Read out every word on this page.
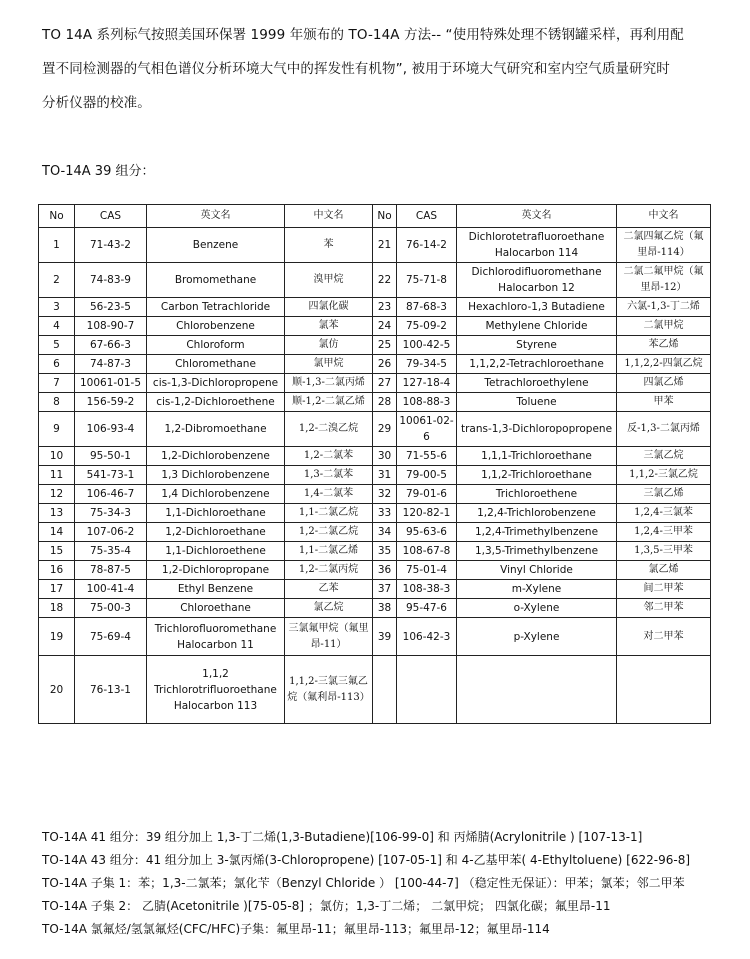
TO 14A 系列标气按照美国环保署 1999 年颁布的 TO-14A 方法-- “使用特殊处理不锈钢罐采样，再利用配

置不同检测器的气相色谱仪分析环境大气中的挥发性有机物”, 被用于环境大气研究和室内空气质量研究时

分析仪器的校准。

TO-14A 39 组分：
No	CAS	英文名	中文名	No	CAS	英文名	中文名
1	71-43-2	Benzene	苯	21	76-14-2	Dichlorotetrafluoroethane Halocarbon 114	二氯四氟乙烷（氟里昂-114）
2	74-83-9	Bromomethane	溴甲烷	22	75-71-8	Dichlorodifluoromethane Halocarbon 12	二氯二氟甲烷（氟里昂-12）
3	56-23-5	Carbon Tetrachloride	四氯化碳	23	87-68-3	Hexachloro-1,3 Butadiene	六氯-1,3-丁二烯
4	108-90-7	Chlorobenzene	氯苯	24	75-09-2	Methylene Chloride	二氯甲烷
5	67-66-3	Chloroform	氯仿	25	100-42-5	Styrene	苯乙烯
6	74-87-3	Chloromethane	氯甲烷	26	79-34-5	1,1,2,2-Tetrachloroethane	1,1,2,2-四氯乙烷
7	10061-01-5	cis-1,3-Dichloropropene	顺-1,3-二氯丙烯	27	127-18-4	Tetrachloroethylene	四氯乙烯
8	156-59-2	cis-1,2-Dichloroethene	顺-1,2-二氯乙烯	28	108-88-3	Toluene	甲苯
9	106-93-4	1,2-Dibromoethane	1,2-二溴乙烷	29	10061-02-6	trans-1,3-Dichloropopropene	反-1,3-二氯丙烯
10	95-50-1	1,2-Dichlorobenzene	1,2-二氯苯	30	71-55-6	1,1,1-Trichloroethane	三氯乙烷
11	541-73-1	1,3 Dichlorobenzene	1,3-二氯苯	31	79-00-5	1,1,2-Trichloroethane	1,1,2-三氯乙烷
12	106-46-7	1,4 Dichlorobenzene	1,4-二氯苯	32	79-01-6	Trichloroethene	三氯乙烯
13	75-34-3	1,1-Dichloroethane	1,1-二氯乙烷	33	120-82-1	1,2,4-Trichlorobenzene	1,2,4-三氯苯
14	107-06-2	1,2-Dichloroethane	1,2-二氯乙烷	34	95-63-6	1,2,4-Trimethylbenzene	1,2,4-三甲苯
15	75-35-4	1,1-Dichloroethene	1,1-二氯乙烯	35	108-67-8	1,3,5-Trimethylbenzene	1,3,5-三甲苯
16	78-87-5	1,2-Dichloropropane	1,2-二氯丙烷	36	75-01-4	Vinyl Chloride	氯乙烯
17	100-41-4	Ethyl Benzene	乙苯	37	108-38-3	m-Xylene	间二甲苯
18	75-00-3	Chloroethane	氯乙烷	38	95-47-6	o-Xylene	邻二甲苯
19	75-69-4	Trichlorofluoromethane Halocarbon 11	三氯氟甲烷（氟里昂-11）	39	106-42-3	p-Xylene	对二甲苯
20	76-13-1	1,1,2 Trichlorotrifluoroethane Halocarbon 113	1,1,2-三氯三氟乙烷（氟利昂-113）				
TO-14A 41 组分：39 组分加上 1,3-丁二烯(1,3-Butadiene)[106-99-0] 和 丙烯腈(Acrylonitrile ) [107-13-1]
TO-14A 43 组分：41 组分加上 3-氯丙烯(3-Chloropropene) [107-05-1] 和 4-乙基甲苯( 4-Ethyltoluene) [622-96-8]
TO-14A 子集 1：苯；1,3-二氯苯；氯化苄（Benzyl Chloride ） [100-44-7] （稳定性无保证）：甲苯；氯苯；邻二甲苯
TO-14A 子集 2： 乙腈(Acetonitrile )[75-05-8] ；氯仿；1,3-丁二烯； 二氯甲烷； 四氯化碳；氟里昂-11
TO-14A 氯氟烃/氢氯氟烃(CFC/HFC)子集：氟里昂-11；氟里昂-113；氟里昂-12；氟里昂-114
